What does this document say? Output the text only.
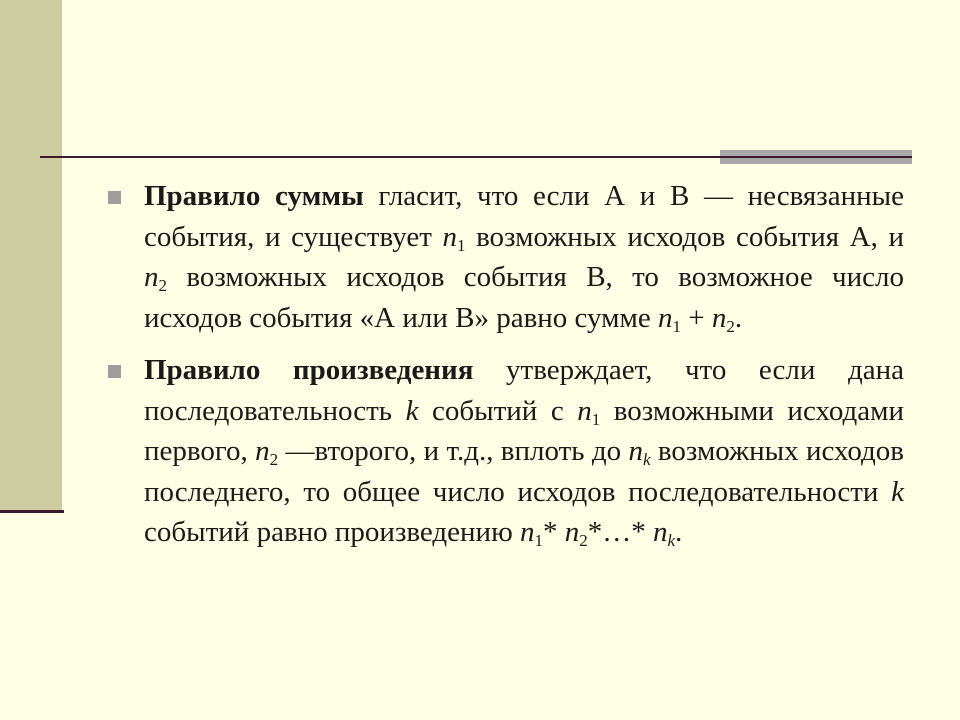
Правило суммы гласит, что если А и В — несвязанные события, и существует $n_1$ возможных исходов события А, и $n_2$ возможных исходов события В, то возможное число исходов события «А или В» равно сумме $n_1 + n_2$.
Правило произведения утверждает, что если дана последовательность k событий с $n_1$ возможными исходами первого, $n_2$ —второго, и т.д., вплоть до $n_k$ возможных исходов последнего, то общее число исходов последовательности k событий равно произведению $n_1*$ $n_2*\dots*$ $n_k$.
